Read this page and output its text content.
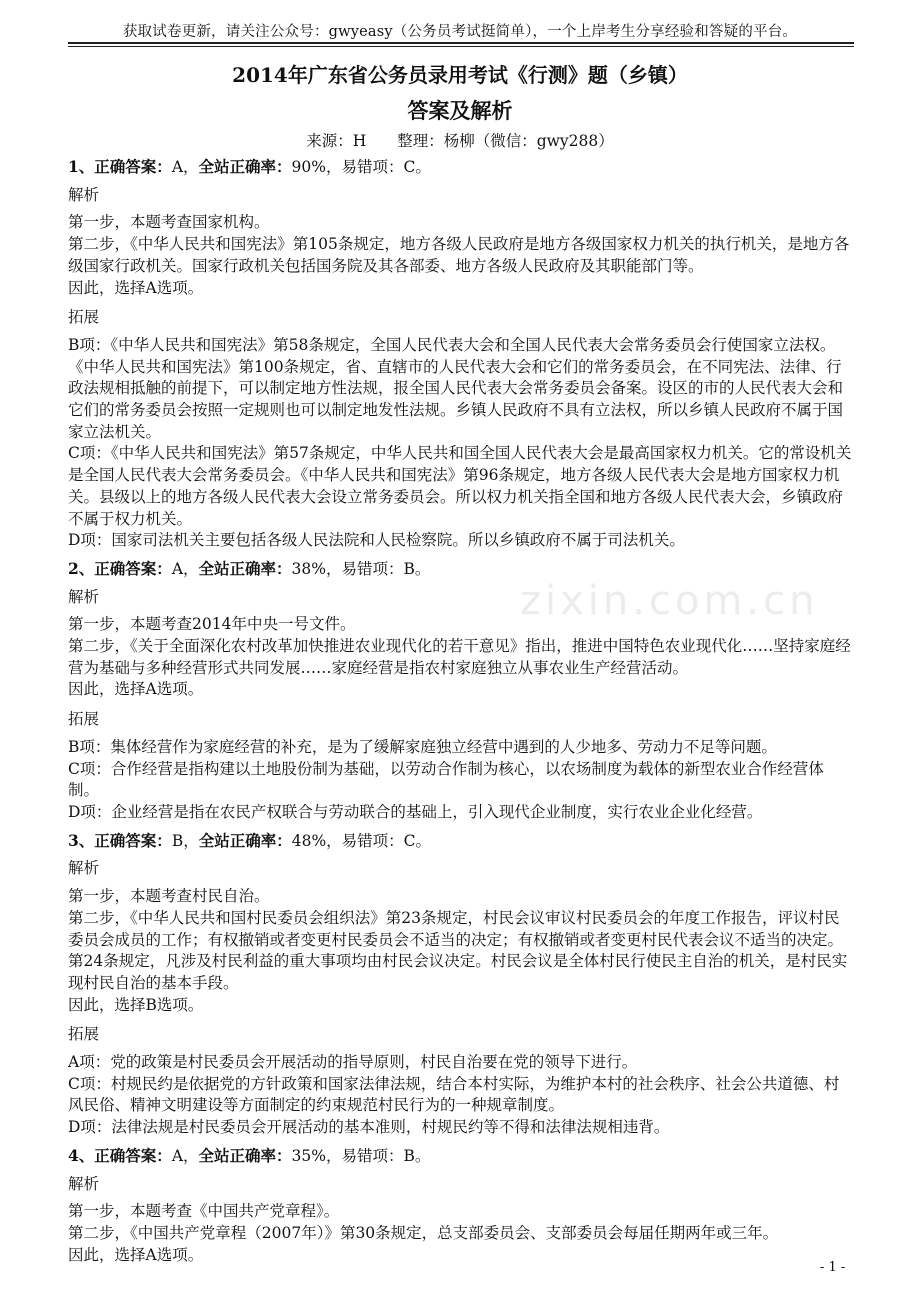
获取试卷更新，请关注公众号：gwyeasy（公务员考试挺简单），一个上岸考生分享经验和答疑的平台。
2014年广东省公务员录用考试《行测》题（乡镇）
答案及解析
来源：H　　整理：杨柳（微信：gwy288）
zixin.com.cn
1、正确答案：A，全站正确率：90%，易错项：C。
解析
第一步，本题考查国家机构。
第二步，《中华人民共和国宪法》第105条规定，地方各级人民政府是地方各级国家权力机关的执行机关，是地方各级国家行政机关。国家行政机关包括国务院及其各部委、地方各级人民政府及其职能部门等。
因此，选择A选项。
拓展
B项：《中华人民共和国宪法》第58条规定，全国人民代表大会和全国人民代表大会常务委员会行使国家立法权。《中华人民共和国宪法》第100条规定，省、直辖市的人民代表大会和它们的常务委员会，在不同宪法、法律、行政法规相抵触的前提下，可以制定地方性法规，报全国人民代表大会常务委员会备案。设区的市的人民代表大会和它们的常务委员会按照一定规则也可以制定地发性法规。乡镇人民政府不具有立法权，所以乡镇人民政府不属于国家立法机关。
C项：《中华人民共和国宪法》第57条规定，中华人民共和国全国人民代表大会是最高国家权力机关。它的常设机关是全国人民代表大会常务委员会。《中华人民共和国宪法》第96条规定，地方各级人民代表大会是地方国家权力机关。县级以上的地方各级人民代表大会设立常务委员会。所以权力机关指全国和地方各级人民代表大会，乡镇政府不属于权力机关。
D项：国家司法机关主要包括各级人民法院和人民检察院。所以乡镇政府不属于司法机关。
2、正确答案：A，全站正确率：38%，易错项：B。
解析
第一步，本题考查2014年中央一号文件。
第二步，《关于全面深化农村改革加快推进农业现代化的若干意见》指出，推进中国特色农业现代化……坚持家庭经营为基础与多种经营形式共同发展……家庭经营是指农村家庭独立从事农业生产经营活动。
因此，选择A选项。
拓展
B项：集体经营作为家庭经营的补充，是为了缓解家庭独立经营中遇到的人少地多、劳动力不足等问题。
C项：合作经营是指构建以土地股份制为基础，以劳动合作制为核心，以农场制度为载体的新型农业合作经营体制。
D项：企业经营是指在农民产权联合与劳动联合的基础上，引入现代企业制度，实行农业企业化经营。
3、正确答案：B，全站正确率：48%，易错项：C。
解析
第一步，本题考查村民自治。
第二步，《中华人民共和国村民委员会组织法》第23条规定，村民会议审议村民委员会的年度工作报告，评议村民委员会成员的工作；有权撤销或者变更村民委员会不适当的决定；有权撤销或者变更村民代表会议不适当的决定。第24条规定，凡涉及村民利益的重大事项均由村民会议决定。村民会议是全体村民行使民主自治的机关，是村民实现村民自治的基本手段。
因此，选择B选项。
拓展
A项：党的政策是村民委员会开展活动的指导原则，村民自治要在党的领导下进行。
C项：村规民约是依据党的方针政策和国家法律法规，结合本村实际，为维护本村的社会秩序、社会公共道德、村风民俗、精神文明建设等方面制定的约束规范村民行为的一种规章制度。
D项：法律法规是村民委员会开展活动的基本准则，村规民约等不得和法律法规相违背。
4、正确答案：A，全站正确率：35%，易错项：B。
解析
第一步，本题考查《中国共产党章程》。
第二步，《中国共产党章程（2007年）》第30条规定，总支部委员会、支部委员会每届任期两年或三年。
因此，选择A选项。
- 1 -
